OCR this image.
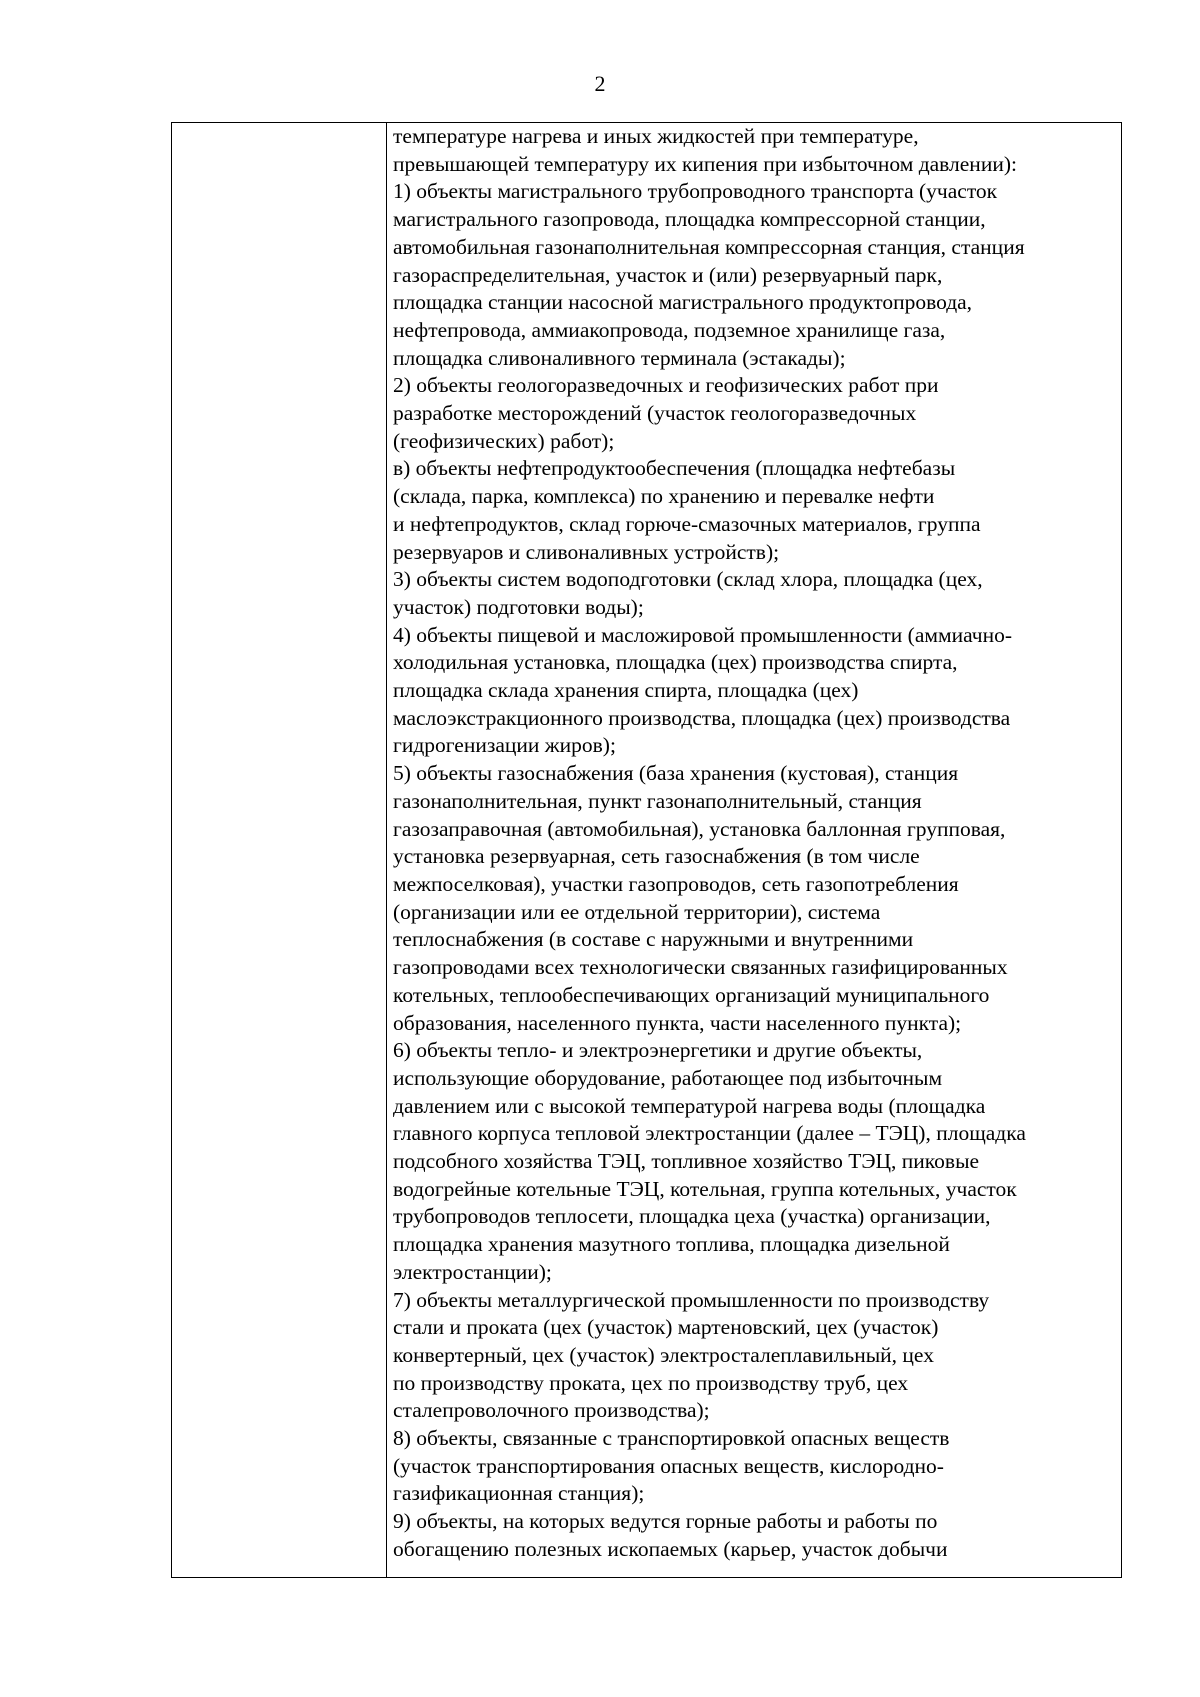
2
температуре нагрева и иных жидкостей при температуре,
превышающей температуру их кипения при избыточном давлении):
1) объекты магистрального трубопроводного транспорта (участок
магистрального газопровода, площадка компрессорной станции,
автомобильная газонаполнительная компрессорная станция, станция
газораспределительная, участок и (или) резервуарный парк,
площадка станции насосной магистрального продуктопровода,
нефтепровода, аммиакопровода, подземное хранилище газа,
площадка сливоналивного терминала (эстакады);
2) объекты геологоразведочных и геофизических работ при
разработке месторождений (участок геологоразведочных
(геофизических) работ);
в) объекты нефтепродуктообеспечения (площадка нефтебазы
(склада, парка, комплекса) по хранению и перевалке нефти
и нефтепродуктов, склад горюче-смазочных материалов, группа
резервуаров и сливоналивных устройств);
3) объекты систем водоподготовки (склад хлора, площадка (цех,
участок) подготовки воды);
4) объекты пищевой и масложировой промышленности (аммиачно-
холодильная установка, площадка (цех) производства спирта,
площадка склада хранения спирта, площадка (цех)
маслоэкстракционного производства, площадка (цех) производства
гидрогенизации жиров);
5) объекты газоснабжения (база хранения (кустовая), станция
газонаполнительная, пункт газонаполнительный, станция
газозаправочная (автомобильная), установка баллонная групповая,
установка резервуарная, сеть газоснабжения (в том числе
межпоселковая), участки газопроводов, сеть газопотребления
(организации или ее отдельной территории), система
теплоснабжения (в составе с наружными и внутренними
газопроводами всех технологически связанных газифицированных
котельных, теплообеспечивающих организаций муниципального
образования, населенного пункта, части населенного пункта);
6) объекты тепло- и электроэнергетики и другие объекты,
использующие оборудование, работающее под избыточным
давлением или с высокой температурой нагрева воды (площадка
главного корпуса тепловой электростанции (далее – ТЭЦ), площадка
подсобного хозяйства ТЭЦ, топливное хозяйство ТЭЦ, пиковые
водогрейные котельные ТЭЦ, котельная, группа котельных, участок
трубопроводов теплосети, площадка цеха (участка) организации,
площадка хранения мазутного топлива, площадка дизельной
электростанции);
7) объекты металлургической промышленности по производству
стали и проката (цех (участок) мартеновский, цех (участок)
конвертерный, цех (участок) электросталеплавильный, цех
по производству проката, цех по производству труб, цех
сталепроволочного производства);
8) объекты, связанные с транспортировкой опасных веществ
(участок транспортирования опасных веществ, кислородно-
газификационная станция);
9) объекты, на которых ведутся горные работы и работы по
обогащению полезных ископаемых (карьер, участок добычи
